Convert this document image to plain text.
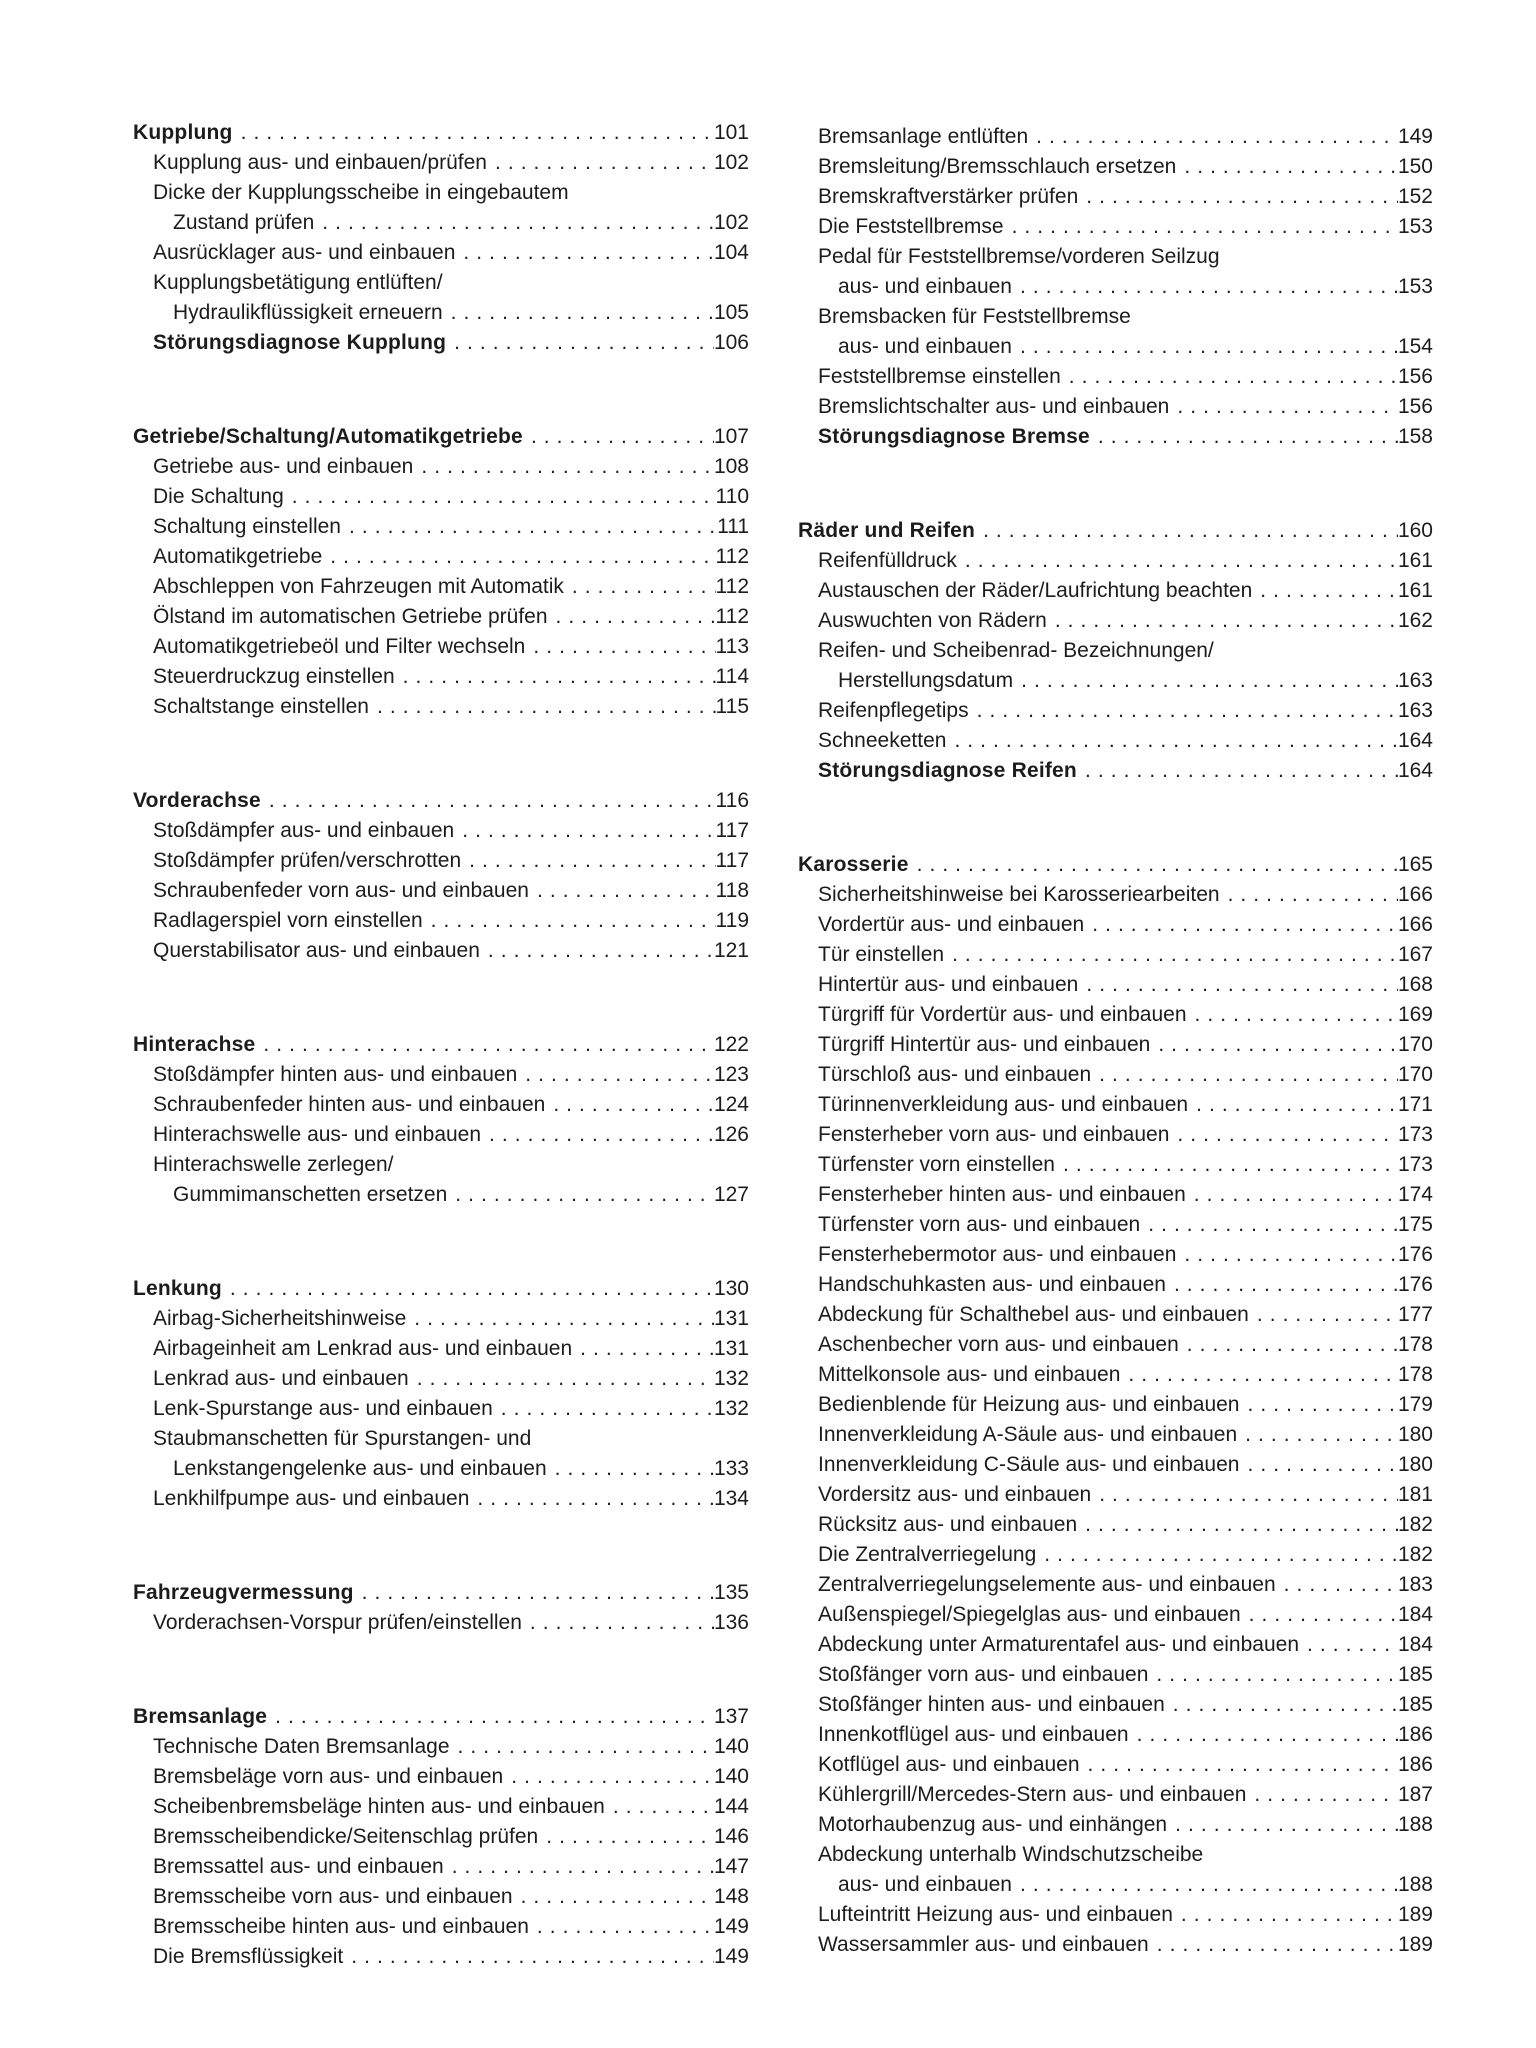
Kupplung . . .	101
Kupplung aus- und einbauen/prüfen . . .	102
Dicke der Kupplungsscheibe in eingebautem
Zustand prüfen . . .	102
Ausrücklager aus- und einbauen . . .	104
Kupplungsbetätigung entlüften/
Hydraulikflüssigkeit erneuern . . .	105
Störungsdiagnose Kupplung . . .	106
Getriebe/Schaltung/Automatikgetriebe . . .	107
Getriebe aus- und einbauen . . .	108
Die Schaltung . . .	110
Schaltung einstellen . . .	111
Automatikgetriebe . . .	112
Abschleppen von Fahrzeugen mit Automatik . . .	112
Ölstand im automatischen Getriebe prüfen . . .	112
Automatikgetriebeöl und Filter wechseln . . .	113
Steuerdruckzug einstellen . . .	114
Schaltstange einstellen . . .	115
Vorderachse . . .	116
Stoßdämpfer aus- und einbauen . . .	117
Stoßdämpfer prüfen/verschrotten . . .	117
Schraubenfeder vorn aus- und einbauen . . .	118
Radlagerspiel vorn einstellen . . .	119
Querstabilisator aus- und einbauen . . .	121
Hinterachse . . .	122
Stoßdämpfer hinten aus- und einbauen . . .	123
Schraubenfeder hinten aus- und einbauen . . .	124
Hinterachswelle aus- und einbauen . . .	126
Hinterachswelle zerlegen/
Gummimanschetten ersetzen . . .	127
Lenkung . . .	130
Airbag-Sicherheitshinweise . . .	131
Airbageinheit am Lenkrad aus- und einbauen . . .	131
Lenkrad aus- und einbauen . . .	132
Lenk-Spurstange aus- und einbauen . . .	132
Staubmanschetten für Spurstangen- und
Lenkstangengelenke aus- und einbauen . . .	133
Lenkhilfpumpe aus- und einbauen . . .	134
Fahrzeugvermessung . . .	135
Vorderachsen-Vorspur prüfen/einstellen . . .	136
Bremsanlage . . .	137
Technische Daten Bremsanlage . . .	140
Bremsbeläge vorn aus- und einbauen . . .	140
Scheibenbremsbeläge hinten aus- und einbauen . . .	144
Bremsscheibendicke/Seitenschlag prüfen . . .	146
Bremssattel aus- und einbauen . . .	147
Bremsscheibe vorn aus- und einbauen . . .	148
Bremsscheibe hinten aus- und einbauen . . .	149
Die Bremsflüssigkeit . . .	149
Bremsanlage entlüften . . .	149
Bremsleitung/Bremsschlauch ersetzen . . .	150
Bremskraftverstärker prüfen . . .	152
Die Feststellbremse . . .	153
Pedal für Feststellbremse/vorderen Seilzug
aus- und einbauen . . .	153
Bremsbacken für Feststellbremse
aus- und einbauen . . .	154
Feststellbremse einstellen . . .	156
Bremslichtschalter aus- und einbauen . . .	156
Störungsdiagnose Bremse . . .	158
Räder und Reifen . . .	160
Reifenfülldruck . . .	161
Austauschen der Räder/Laufrichtung beachten . . .	161
Auswuchten von Rädern . . .	162
Reifen- und Scheibenrad- Bezeichnungen/
Herstellungsdatum . . .	163
Reifenpflegetips . . .	163
Schneeketten . . .	164
Störungsdiagnose Reifen . . .	164
Karosserie . . .	165
Sicherheitshinweise bei Karosseriearbeiten . . .	166
Vordertür aus- und einbauen . . .	166
Tür einstellen . . .	167
Hintertür aus- und einbauen . . .	168
Türgriff für Vordertür aus- und einbauen . . .	169
Türgriff Hintertür aus- und einbauen . . .	170
Türschloß aus- und einbauen . . .	170
Türinnenverkleidung aus- und einbauen . . .	171
Fensterheber vorn aus- und einbauen . . .	173
Türfenster vorn einstellen . . .	173
Fensterheber hinten aus- und einbauen . . .	174
Türfenster vorn aus- und einbauen . . .	175
Fensterhebermotor aus- und einbauen . . .	176
Handschuhkasten aus- und einbauen . . .	176
Abdeckung für Schalthebel aus- und einbauen . . .	177
Aschenbecher vorn aus- und einbauen . . .	178
Mittelkonsole aus- und einbauen . . .	178
Bedienblende für Heizung aus- und einbauen . . .	179
Innenverkleidung A-Säule aus- und einbauen . . .	180
Innenverkleidung C-Säule aus- und einbauen . . .	180
Vordersitz aus- und einbauen . . .	181
Rücksitz aus- und einbauen . . .	182
Die Zentralverriegelung . . .	182
Zentralverriegelungselemente aus- und einbauen . . .	183
Außenspiegel/Spiegelglas aus- und einbauen . . .	184
Abdeckung unter Armaturentafel aus- und einbauen . . .	184
Stoßfänger vorn aus- und einbauen . . .	185
Stoßfänger hinten aus- und einbauen . . .	185
Innenkotflügel aus- und einbauen . . .	186
Kotflügel aus- und einbauen . . .	186
Kühlergrill/Mercedes-Stern aus- und einbauen . . .	187
Motorhaubenzug aus- und einhängen . . .	188
Abdeckung unterhalb Windschutzscheibe
aus- und einbauen . . .	188
Lufteintritt Heizung aus- und einbauen . . .	189
Wassersammler aus- und einbauen . . .	189
